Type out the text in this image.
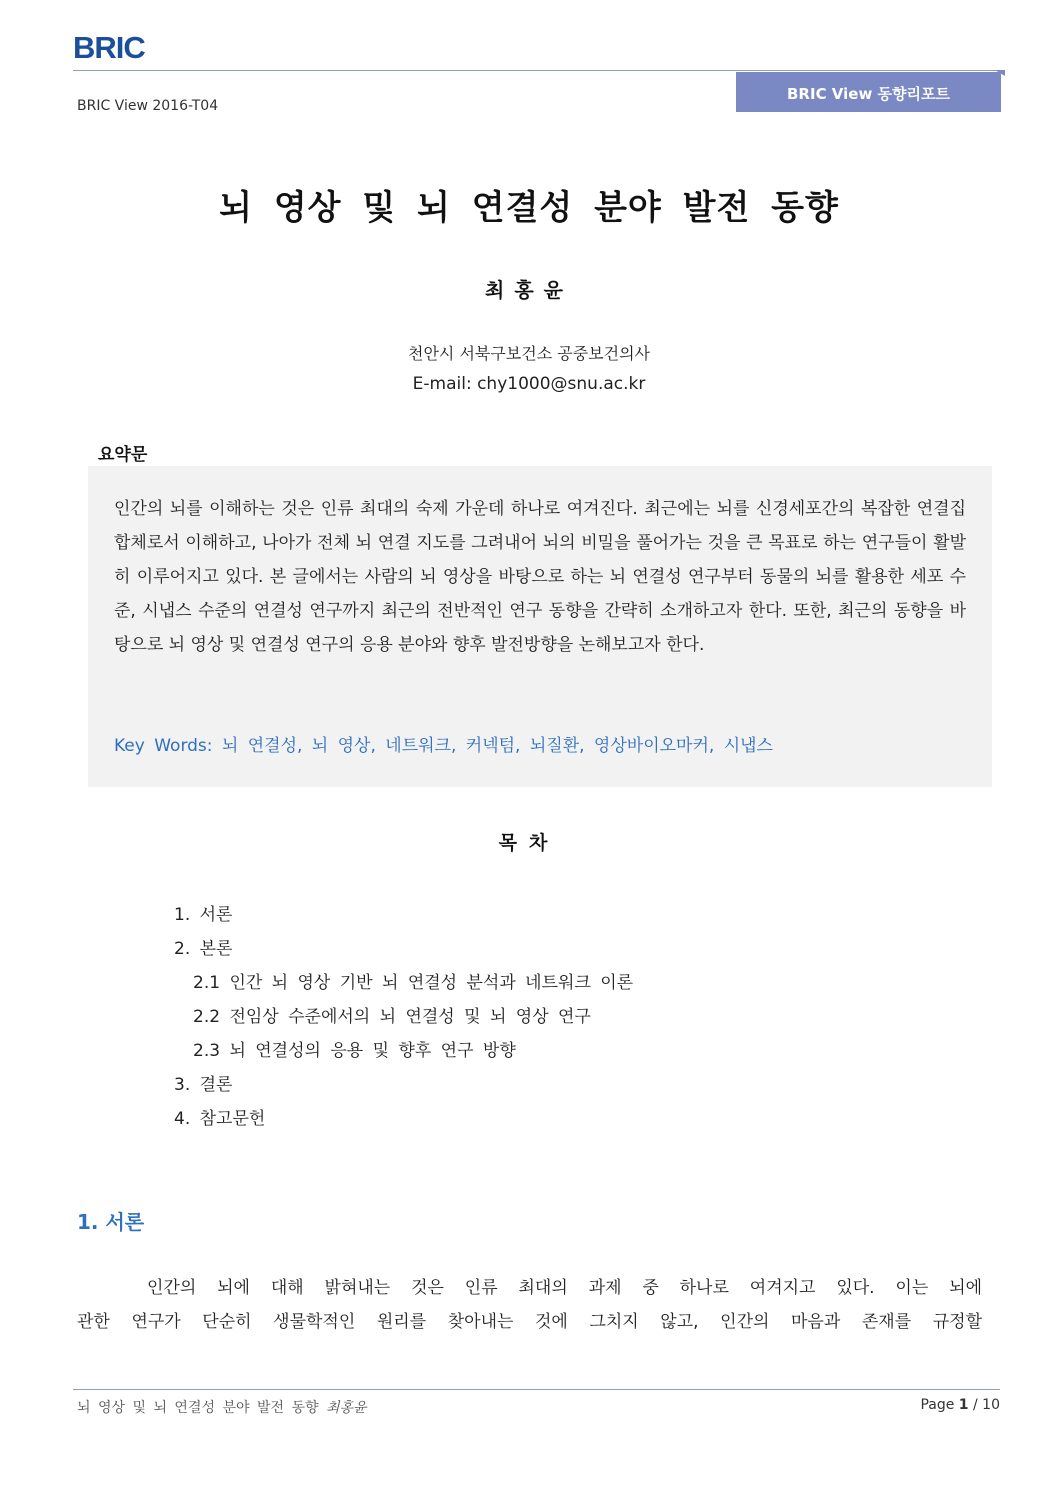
BRIC
BRIC View 2016-T04
BRIC View 동향리포트
뇌 영상 및 뇌 연결성 분야 발전 동향
최홍윤
천안시 서북구보건소 공중보건의사
E-mail: chy1000@snu.ac.kr
요약문
인간의 뇌를 이해하는 것은 인류 최대의 숙제 가운데 하나로 여겨진다. 최근에는 뇌를 신경세포간의 복잡한 연결집합체로서 이해하고, 나아가 전체 뇌 연결 지도를 그려내어 뇌의 비밀을 풀어가는 것을 큰 목표로 하는 연구들이 활발히 이루어지고 있다. 본 글에서는 사람의 뇌 영상을 바탕으로 하는 뇌 연결성 연구부터 동물의 뇌를 활용한 세포 수준, 시냅스 수준의 연결성 연구까지 최근의 전반적인 연구 동향을 간략히 소개하고자 한다. 또한, 최근의 동향을 바탕으로 뇌 영상 및 연결성 연구의 응용 분야와 향후 발전방향을 논해보고자 한다.
Key Words: 뇌 연결성, 뇌 영상, 네트워크, 커넥텀, 뇌질환, 영상바이오마커, 시냅스
목차
1. 서론
2. 본론
2.1 인간 뇌 영상 기반 뇌 연결성 분석과 네트워크 이론
2.2 전임상 수준에서의 뇌 연결성 및 뇌 영상 연구
2.3 뇌 연결성의 응용 및 향후 연구 방향
3. 결론
4. 참고문헌
1. 서론
인간의 뇌에 대해 밝혀내는 것은 인류 최대의 과제 중 하나로 여겨지고 있다. 이는 뇌에
관한 연구가 단순히 생물학적인 원리를 찾아내는 것에 그치지 않고, 인간의 마음과 존재를 규정할
뇌 영상 및 뇌 연결성 분야 발전 동향 최홍윤	Page 1 / 10
